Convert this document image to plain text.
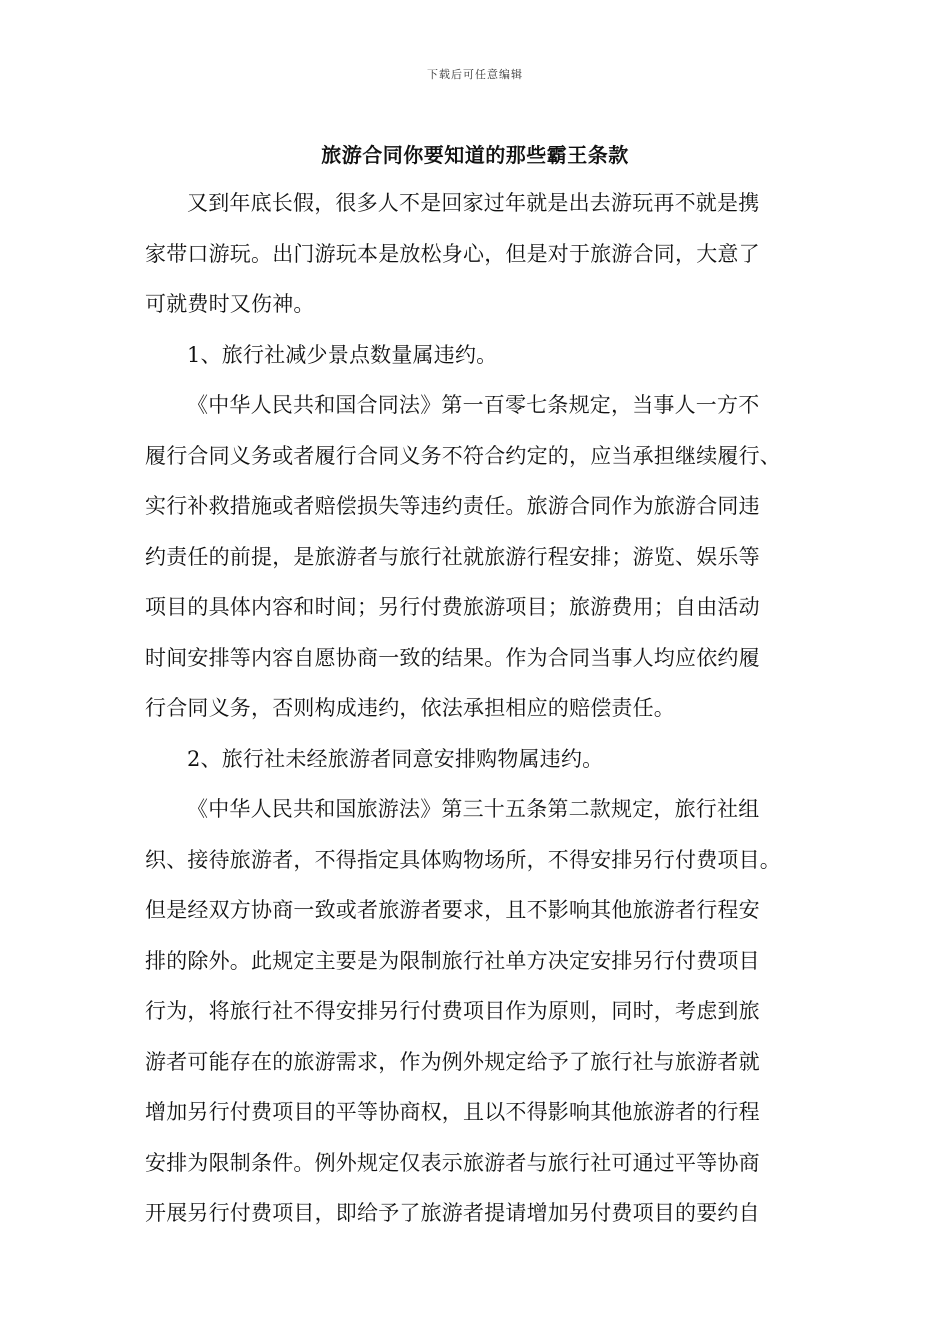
下载后可任意编辑
旅游合同你要知道的那些霸王条款
又到年底长假，很多人不是回家过年就是出去游玩再不就是携
家带口游玩。出门游玩本是放松身心，但是对于旅游合同，大意了
可就费时又伤神。
1、旅行社减少景点数量属违约。
《中华人民共和国合同法》第一百零七条规定，当事人一方不
履行合同义务或者履行合同义务不符合约定的，应当承担继续履行、
实行补救措施或者赔偿损失等违约责任。旅游合同作为旅游合同违
约责任的前提，是旅游者与旅行社就旅游行程安排；游览、娱乐等
项目的具体内容和时间；另行付费旅游项目；旅游费用；自由活动
时间安排等内容自愿协商一致的结果。作为合同当事人均应依约履
行合同义务，否则构成违约，依法承担相应的赔偿责任。
2、旅行社未经旅游者同意安排购物属违约。
《中华人民共和国旅游法》第三十五条第二款规定，旅行社组
织、接待旅游者，不得指定具体购物场所，不得安排另行付费项目。
但是经双方协商一致或者旅游者要求，且不影响其他旅游者行程安
排的除外。此规定主要是为限制旅行社单方决定安排另行付费项目
行为，将旅行社不得安排另行付费项目作为原则，同时，考虑到旅
游者可能存在的旅游需求，作为例外规定给予了旅行社与旅游者就
增加另行付费项目的平等协商权，且以不得影响其他旅游者的行程
安排为限制条件。例外规定仅表示旅游者与旅行社可通过平等协商
开展另行付费项目，即给予了旅游者提请增加另付费项目的要约自
